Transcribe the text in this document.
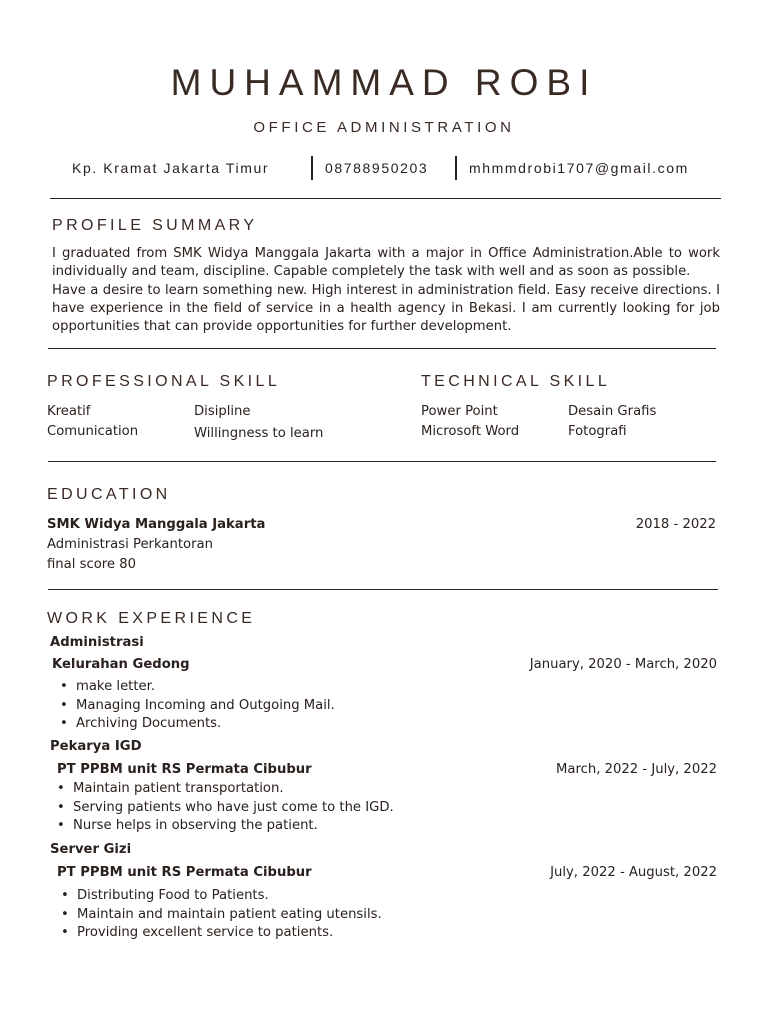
MUHAMMAD ROBI
OFFICE ADMINISTRATION
Kp. Kramat Jakarta Timur	08788950203	mhmmdrobi1707@gmail.com
PROFILE SUMMARY

I graduated from SMK Widya Manggala Jakarta with a major in Office Administration.Able to work individually and team, discipline. Capable completely the task with well and as soon as possible.

Have a desire to learn something new. High interest in administration field. Easy receive directions. I have experience in the field of service in a health agency in Bekasi. I am currently looking for job opportunities that can provide opportunities for further development.

PROFESSIONAL SKILL
Kreatif	Disipline
Comunication	Willingness to learn
TECHNICAL SKILL
Power Point	Desain Grafis
Microsoft Word	Fotografi
EDUCATION
SMK Widya Manggala Jakarta	2018 - 2022
Administrasi Perkantoran
final score 80
WORK EXPERIENCE
Administrasi
Kelurahan Gedong	January, 2020 - March, 2020
• make letter.
• Managing Incoming and Outgoing Mail.
• Archiving Documents.
Pekarya IGD
PT PPBM unit RS Permata Cibubur	March, 2022 - July, 2022
• Maintain patient transportation.
• Serving patients who have just come to the IGD.
• Nurse helps in observing the patient.
Server Gizi
PT PPBM unit RS Permata Cibubur	July, 2022 - August, 2022
• Distributing Food to Patients.
• Maintain and maintain patient eating utensils.
• Providing excellent service to patients.
